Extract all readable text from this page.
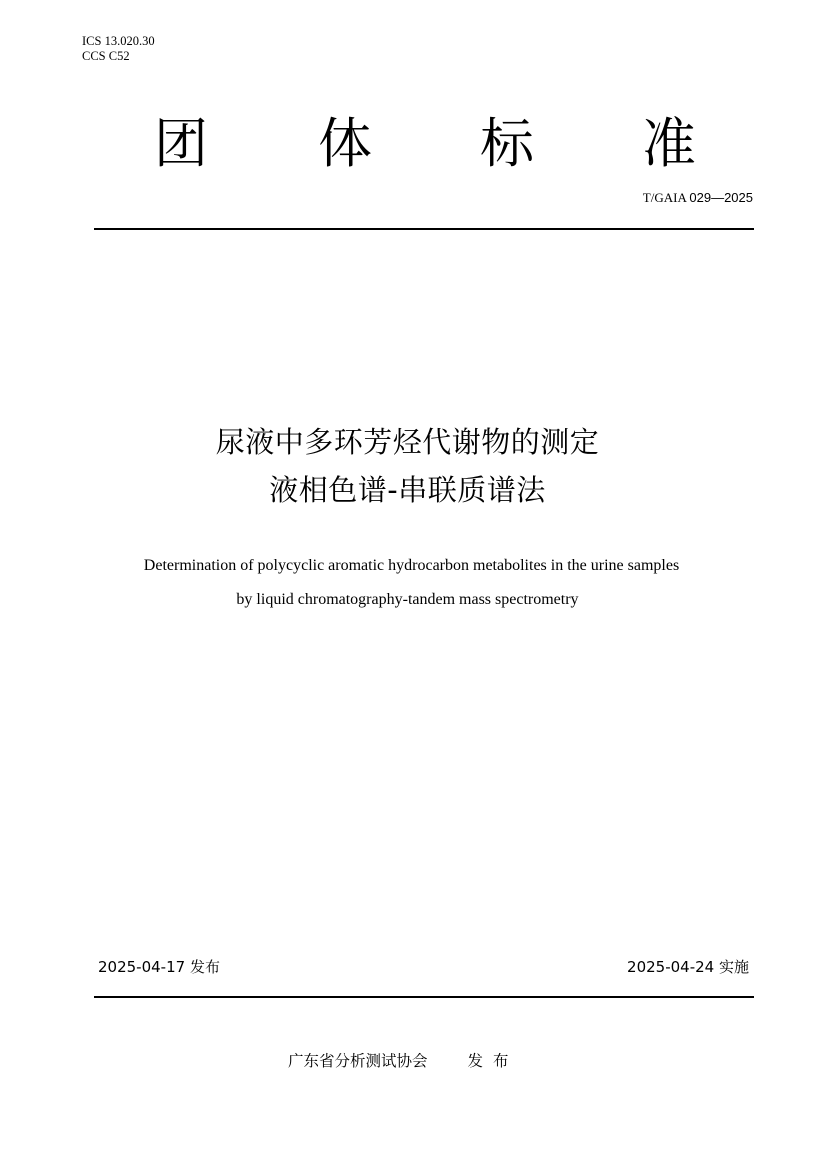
ICS 13.020.30
CCS C52
团 体 标 准
T/GAIA 029—2025
尿液中多环芳烃代谢物的测定
液相色谱-串联质谱法
Determination of polycyclic aromatic hydrocarbon metabolites in the urine samples
by liquid chromatography-tandem mass spectrometry
2025-04-17 发布	2025-04-24 实施
广东省分析测试协会	发布
